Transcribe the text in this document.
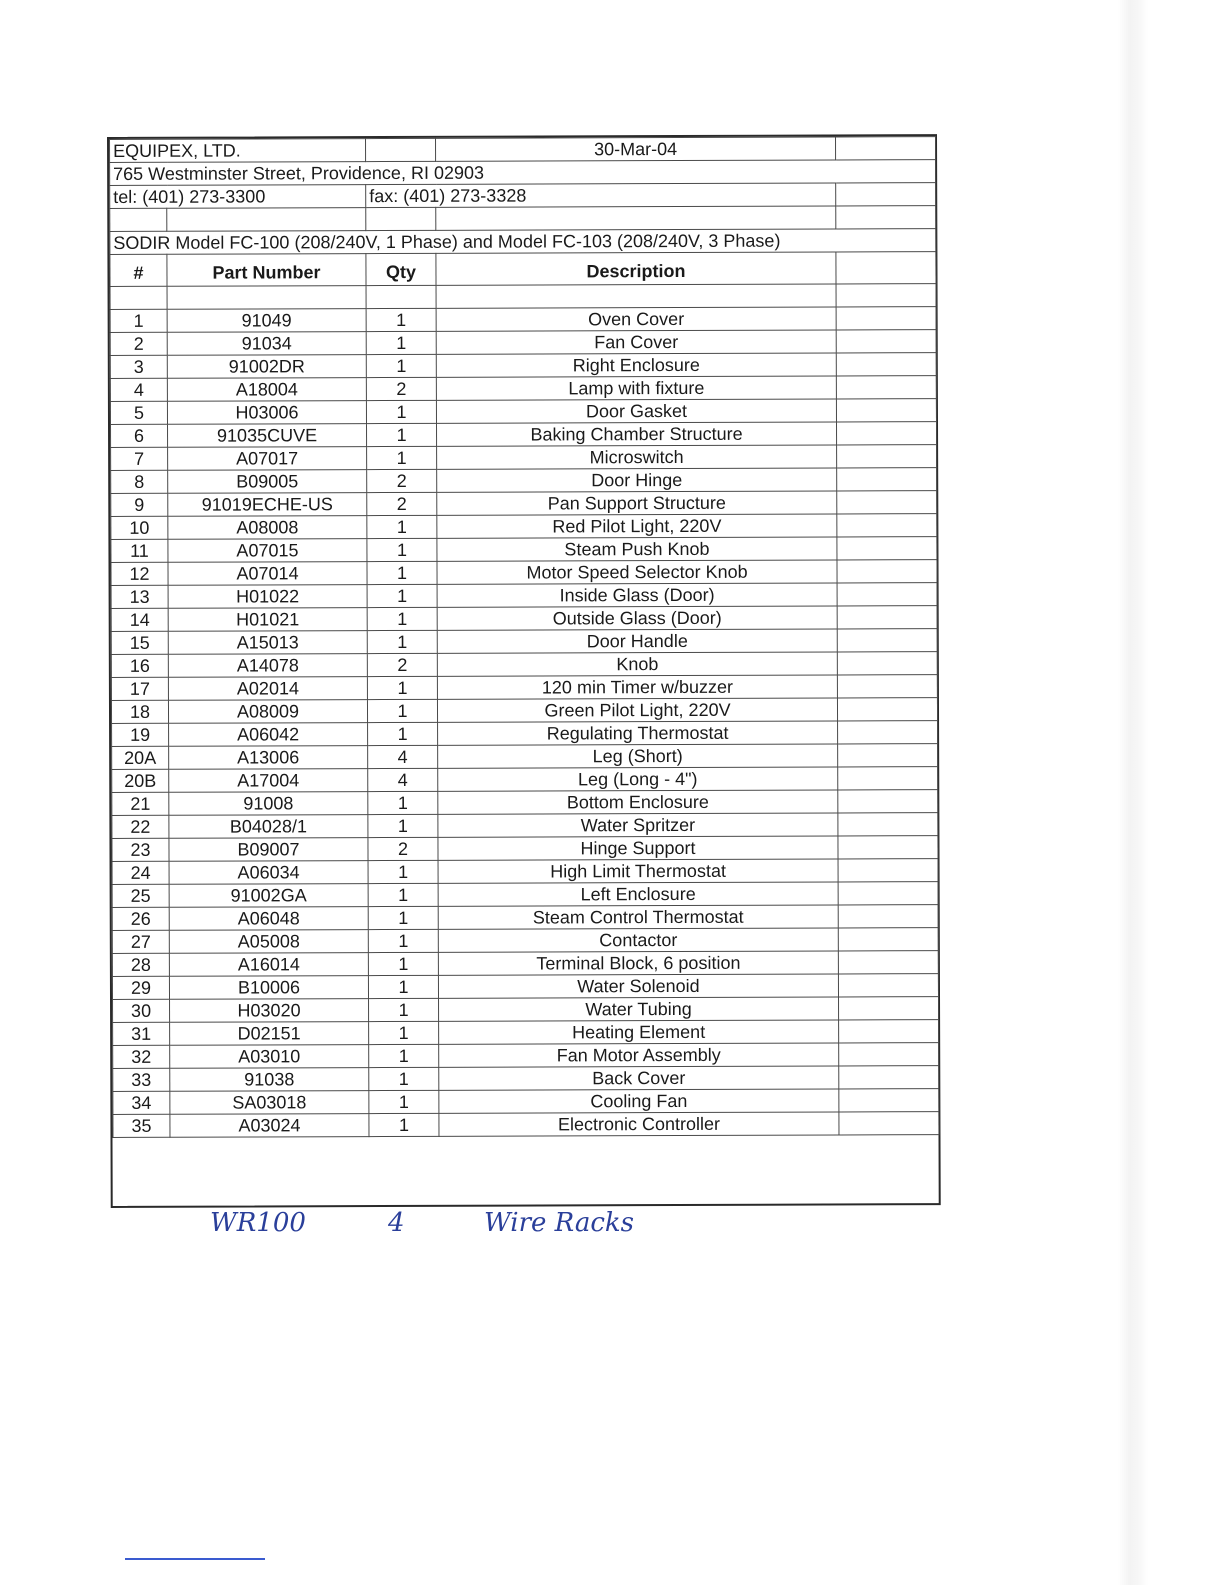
EQUIPEX, LTD.			30-Mar-04	
765 Westminster Street, Providence, RI 02903				
tel: (401) 273-3300		fax: (401) 273-3328		

SODIR Model FC-100 (208/240V, 1 Phase) and Model FC-103 (208/240V, 3 Phase)				
#	Part Number	Qty	Description	

1	91049	1	Oven Cover	
2	91034	1	Fan Cover	
3	91002DR	1	Right Enclosure	
4	A18004	2	Lamp with fixture	
5	H03006	1	Door Gasket	
6	91035CUVE	1	Baking Chamber Structure	
7	A07017	1	Microswitch	
8	B09005	2	Door Hinge	
9	91019ECHE-US	2	Pan Support Structure	
10	A08008	1	Red Pilot Light, 220V	
11	A07015	1	Steam Push Knob	
12	A07014	1	Motor Speed Selector Knob	
13	H01022	1	Inside Glass (Door)	
14	H01021	1	Outside Glass (Door)	
15	A15013	1	Door Handle	
16	A14078	2	Knob	
17	A02014	1	120 min Timer w/buzzer	
18	A08009	1	Green Pilot Light, 220V	
19	A06042	1	Regulating Thermostat	
20A	A13006	4	Leg (Short)	
20B	A17004	4	Leg (Long - 4")	
21	91008	1	Bottom Enclosure	
22	B04028/1	1	Water Spritzer	
23	B09007	2	Hinge Support	
24	A06034	1	High Limit Thermostat	
25	91002GA	1	Left Enclosure	
26	A06048	1	Steam Control Thermostat	
27	A05008	1	Contactor	
28	A16014	1	Terminal Block, 6 position	
29	B10006	1	Water Solenoid	
30	H03020	1	Water Tubing	
31	D02151	1	Heating Element	
32	A03010	1	Fan Motor Assembly	
33	91038	1	Back Cover	
34	SA03018	1	Cooling Fan	
35	A03024	1	Electronic Controller	
WR100	4	Wire Racks
